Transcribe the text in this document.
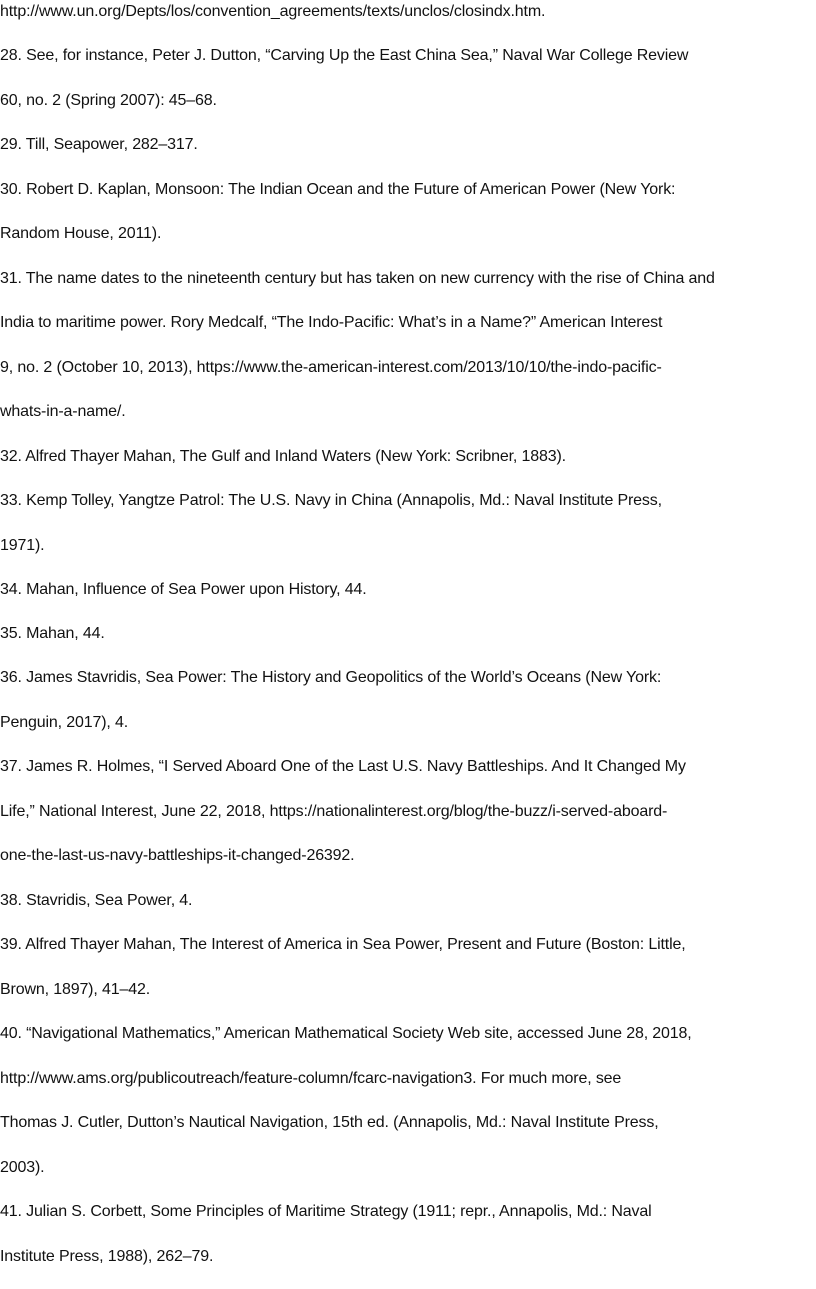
http://www.un.org/Depts/los/convention_agreements/texts/unclos/closindx.htm.
28. See, for instance, Peter J. Dutton, “Carving Up the East China Sea,” Naval War College Review
60, no. 2 (Spring 2007): 45–68.
29. Till, Seapower, 282–317.
30. Robert D. Kaplan, Monsoon: The Indian Ocean and the Future of American Power (New York:
Random House, 2011).
31. The name dates to the nineteenth century but has taken on new currency with the rise of China and
India to maritime power. Rory Medcalf, “The Indo-Pacific: What’s in a Name?” American Interest
9, no. 2 (October 10, 2013), https://www.the-american-interest.com/2013/10/10/the-indo-pacific-
whats-in-a-name/.
32. Alfred Thayer Mahan, The Gulf and Inland Waters (New York: Scribner, 1883).
33. Kemp Tolley, Yangtze Patrol: The U.S. Navy in China (Annapolis, Md.: Naval Institute Press,
1971).
34. Mahan, Influence of Sea Power upon History, 44.
35. Mahan, 44.
36. James Stavridis, Sea Power: The History and Geopolitics of the World’s Oceans (New York:
Penguin, 2017), 4.
37. James R. Holmes, “I Served Aboard One of the Last U.S. Navy Battleships. And It Changed My
Life,” National Interest, June 22, 2018, https://nationalinterest.org/blog/the-buzz/i-served-aboard-
one-the-last-us-navy-battleships-it-changed-26392.
38. Stavridis, Sea Power, 4.
39. Alfred Thayer Mahan, The Interest of America in Sea Power, Present and Future (Boston: Little,
Brown, 1897), 41–42.
40. “Navigational Mathematics,” American Mathematical Society Web site, accessed June 28, 2018,
http://www.ams.org/publicoutreach/feature-column/fcarc-navigation3. For much more, see
Thomas J. Cutler, Dutton’s Nautical Navigation, 15th ed. (Annapolis, Md.: Naval Institute Press,
2003).
41. Julian S. Corbett, Some Principles of Maritime Strategy (1911; repr., Annapolis, Md.: Naval
Institute Press, 1988), 262–79.
